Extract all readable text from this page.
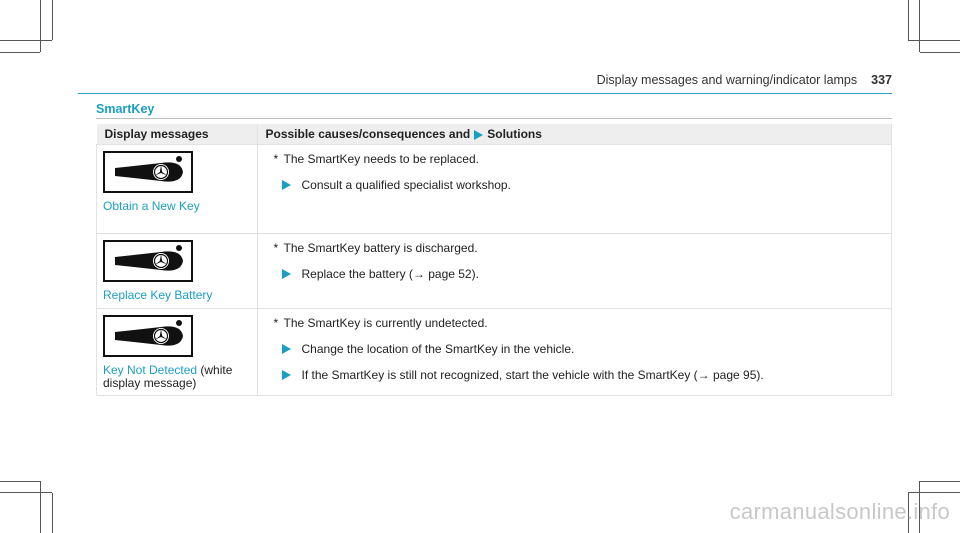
Display messages and warning/indicator lamps 337
SmartKey
Display messages	Possible causes/consequences and Solutions

Obtain a New Key	* The SmartKey needs to be replaced.
Consult a qualified specialist workshop.

Replace Key Battery	* The SmartKey battery is discharged.
Replace the battery (→ page 52).

Key Not Detected (white display message)	* The SmartKey is currently undetected.
Change the location of the SmartKey in the vehicle.
If the SmartKey is still not recognized, start the vehicle with the SmartKey (→ page 95).
carmanualsonline.info
